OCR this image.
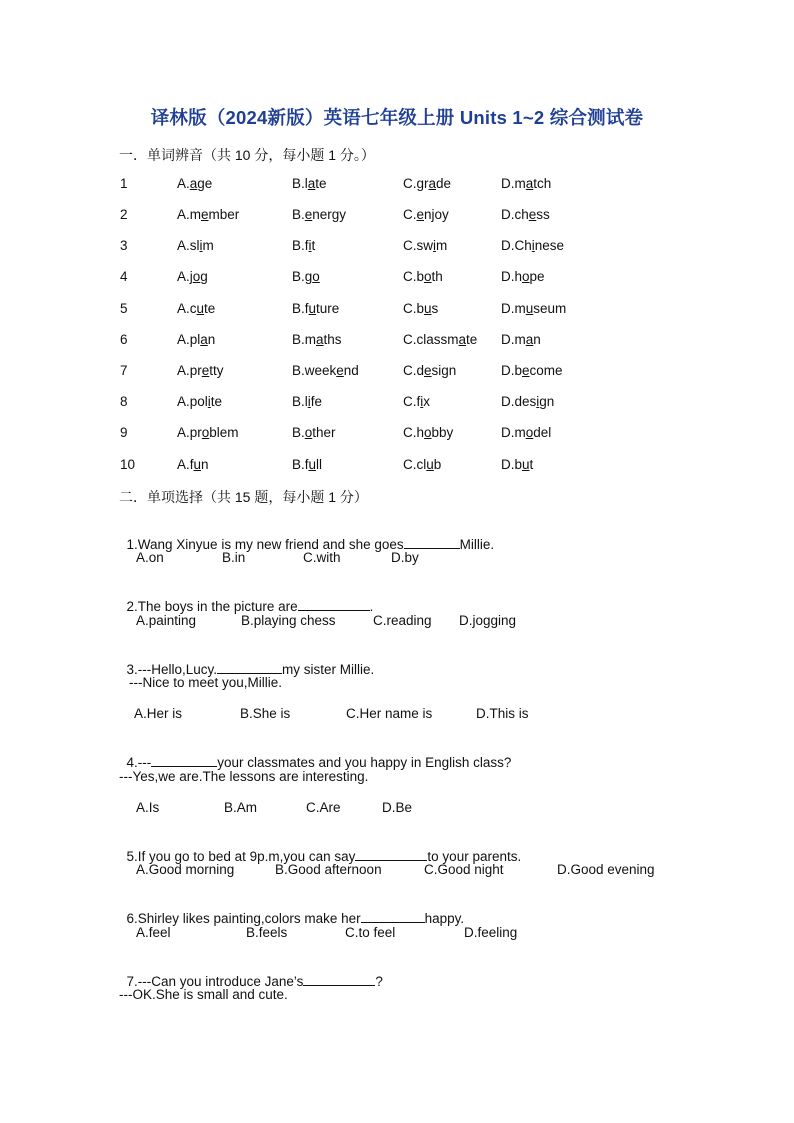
译林版（2024新版）英语七年级上册 Units 1~2 综合测试卷
一．单词辨音（共 10 分，每小题 1 分。）
1	A.age	B.late	C.grade	D.match
2	A.member	B.energy	C.enjoy	D.chess
3	A.slim	B.fit	C.swim	D.Chinese
4	A.jog	B.go	C.both	D.hope
5	A.cute	B.future	C.bus	D.museum
6	A.plan	B.maths	C.classmate D.man
7	A.pretty	B.weekend	C.design	D.become
8	A.polite	B.life	C.fix	D.design
9	A.problem	B.other	C.hobby	D.model
10	A.fun	B.full	C.club	D.but
二．单项选择（共 15 题，每小题 1 分）

1.Wang Xinyue is my new friend and she goes	Millie.

A.on	B.in	C.with	D.by

2.The boys in the picture are	.

A.painting	B.playing chess	C.reading D.jogging

3.---Hello,Lucy.	my sister Millie.

---Nice to meet you,Millie.
A.Her is	B.She is	C.Her name is	D.This is

4.---	your classmates and you happy in English class?

---Yes,we are.The lessons are interesting.
A.Is	B.Am	C.Are	D.Be

5.If you go to bed at 9p.m,you can say	to your parents.

A.Good morning	B.Good afternoon	C.Good night	D.Good evening

6.Shirley likes painting,colors make her	happy.

A.feel	B.feels	C.to feel	D.feeling

7.---Can you introduce Jane’s	?

---OK.She is small and cute.
